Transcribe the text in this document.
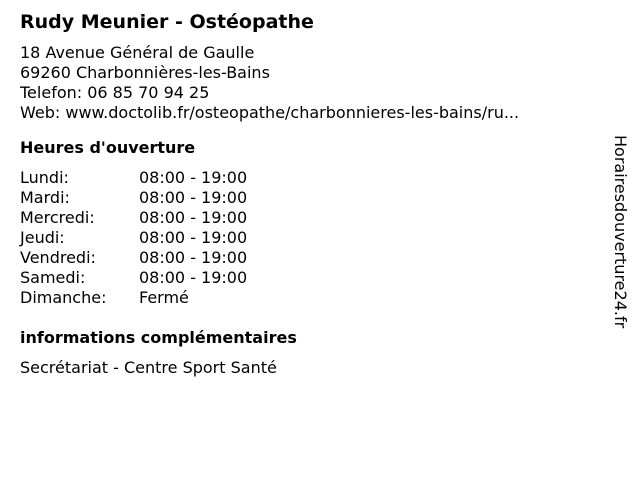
Rudy Meunier - Ostéopathe
18 Avenue Général de Gaulle
69260 Charbonnières-les-Bains
Telefon: 06 85 70 94 25
Web:
www.doctolib.fr/osteopathe/charbonnieres-les-bains/ru...
Heures d'ouverture
Lundi:	08:00 - 19:00
Mardi:	08:00 - 19:00
Mercredi:	08:00 - 19:00
Jeudi:	08:00 - 19:00
Vendredi:	08:00 - 19:00
Samedi:	08:00 - 19:00
Dimanche:	Fermé
informations complémentaires
Secrétariat - Centre Sport Santé
Horairesdouverture24.fr
